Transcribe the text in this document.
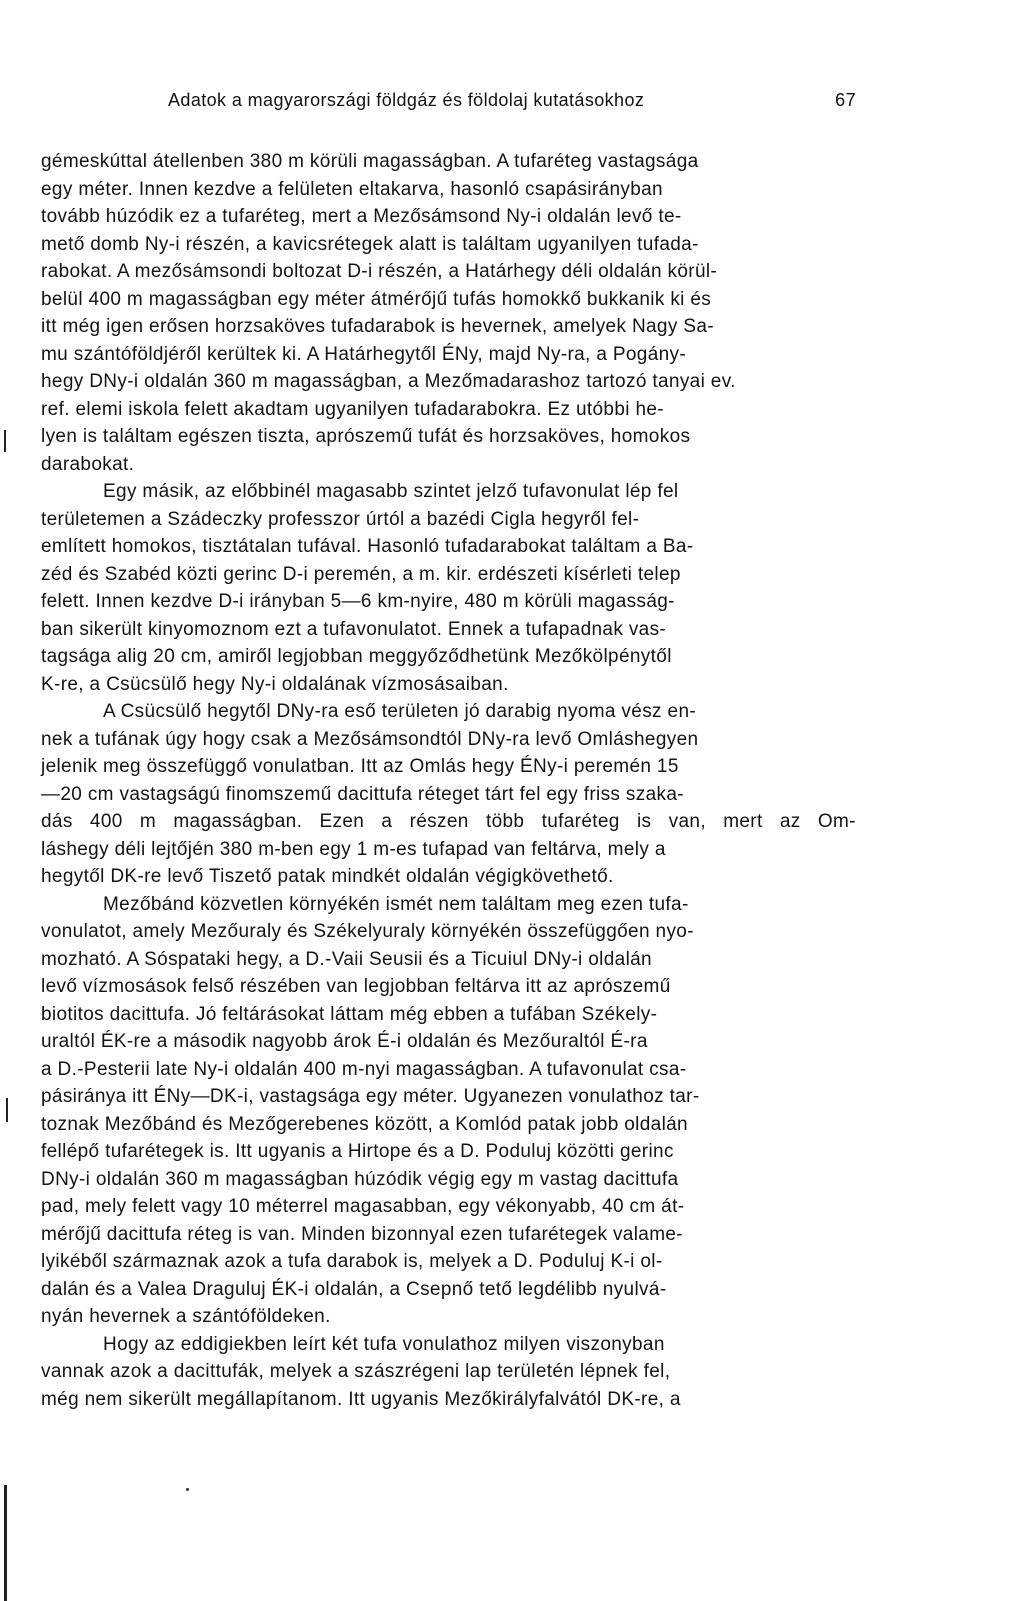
Adatok a magyarországi földgáz és földolaj kutatásokhoz	67
gémeskúttal átellenben 380 m körüli magasságban. A tufaréteg vastagsága
egy méter. Innen kezdve a felületen eltakarva, hasonló csapásirányban
tovább húzódik ez a tufaréteg, mert a Mezősámsond Ny-i oldalán levő te-
mető domb Ny-i részén, a kavicsrétegek alatt is találtam ugyanilyen tufada-
rabokat. A mezősámsondi boltozat D-i részén, a Határhegy déli oldalán körül-
belül 400 m magasságban egy méter átmérőjű tufás homokkő bukkanik ki és
itt még igen erősen horzsaköves tufadarabok is hevernek, amelyek Nagy Sa-
mu szántóföldjéről kerültek ki. A Határhegytől ÉNy, majd Ny-ra, a Pogány-
hegy DNy-i oldalán 360 m magasságban, a Mezőmadarashoz tartozó tanyai ev.
ref. elemi iskola felett akadtam ugyanilyen tufadarabokra. Ez utóbbi he-
lyen is találtam egészen tiszta, aprószemű tufát és horzsaköves, homokos
darabokat.
Egy másik, az előbbinél magasabb szintet jelző tufavonulat lép fel
területemen a Szádeczky professzor úrtól a bazédi Cigla hegyről fel-
említett homokos, tisztátalan tufával. Hasonló tufadarabokat találtam a Ba-
zéd és Szabéd közti gerinc D-i peremén, a m. kir. erdészeti kísérleti telep
felett. Innen kezdve D-i irányban 5—6 km-nyire, 480 m körüli magasság-
ban sikerült kinyomoznom ezt a tufavonulatot. Ennek a tufapadnak vas-
tagsága alig 20 cm, amiről legjobban meggyőződhetünk Mezőkölpénytől
K-re, a Csücsülő hegy Ny-i oldalának vízmosásaiban.
A Csücsülő hegytől DNy-ra eső területen jó darabig nyoma vész en-
nek a tufának úgy hogy csak a Mezősámsondtól DNy-ra levő Omláshegyen
jelenik meg összefüggő vonulatban. Itt az Omlás hegy ÉNy-i peremén 15
—20 cm vastagságú finomszemű dacittufa réteget tárt fel egy friss szaka-
dás 400 m magasságban. Ezen a részen több tufaréteg is van, mert az Om-
láshegy déli lejtőjén 380 m-ben egy 1 m-es tufapad van feltárva, mely a
hegytől DK-re levő Tiszető patak mindkét oldalán végigkövethető.
Mezőbánd közvetlen környékén ismét nem találtam meg ezen tufa-
vonulatot, amely Mezőuraly és Székelyuraly környékén összefüggően nyo-
mozható. A Sóspataki hegy, a D.-Vaii Seusii és a Ticuiul DNy-i oldalán
levő vízmosások felső részében van legjobban feltárva itt az aprószemű
biotitos dacittufa. Jó feltárásokat láttam még ebben a tufában Székely-
uraltól ÉK-re a második nagyobb árok É-i oldalán és Mezőuraltól É-ra
a D.-Pesterii late Ny-i oldalán 400 m-nyi magasságban. A tufavonulat csa-
pásiránya itt ÉNy—DK-i, vastagsága egy méter. Ugyanezen vonulathoz tar-
toznak Mezőbánd és Mezőgerebenes között, a Komlód patak jobb oldalán
fellépő tufarétegek is. Itt ugyanis a Hirtope és a D. Poduluj közötti gerinc
DNy-i oldalán 360 m magasságban húzódik végig egy m vastag dacittufa
pad, mely felett vagy 10 méterrel magasabban, egy vékonyabb, 40 cm át-
mérőjű dacittufa réteg is van. Minden bizonnyal ezen tufarétegek valame-
lyikéből származnak azok a tufa darabok is, melyek a D. Poduluj K-i ol-
dalán és a Valea Draguluj ÉK-i oldalán, a Csepnő tető legdélibb nyulvá-
nyán hevernek a szántóföldeken.
Hogy az eddigiekben leírt két tufa vonulathoz milyen viszonyban
vannak azok a dacittufák, melyek a szászrégeni lap területén lépnek fel,
még nem sikerült megállapítanom. Itt ugyanis Mezőkirályfalvától DK-re, a
